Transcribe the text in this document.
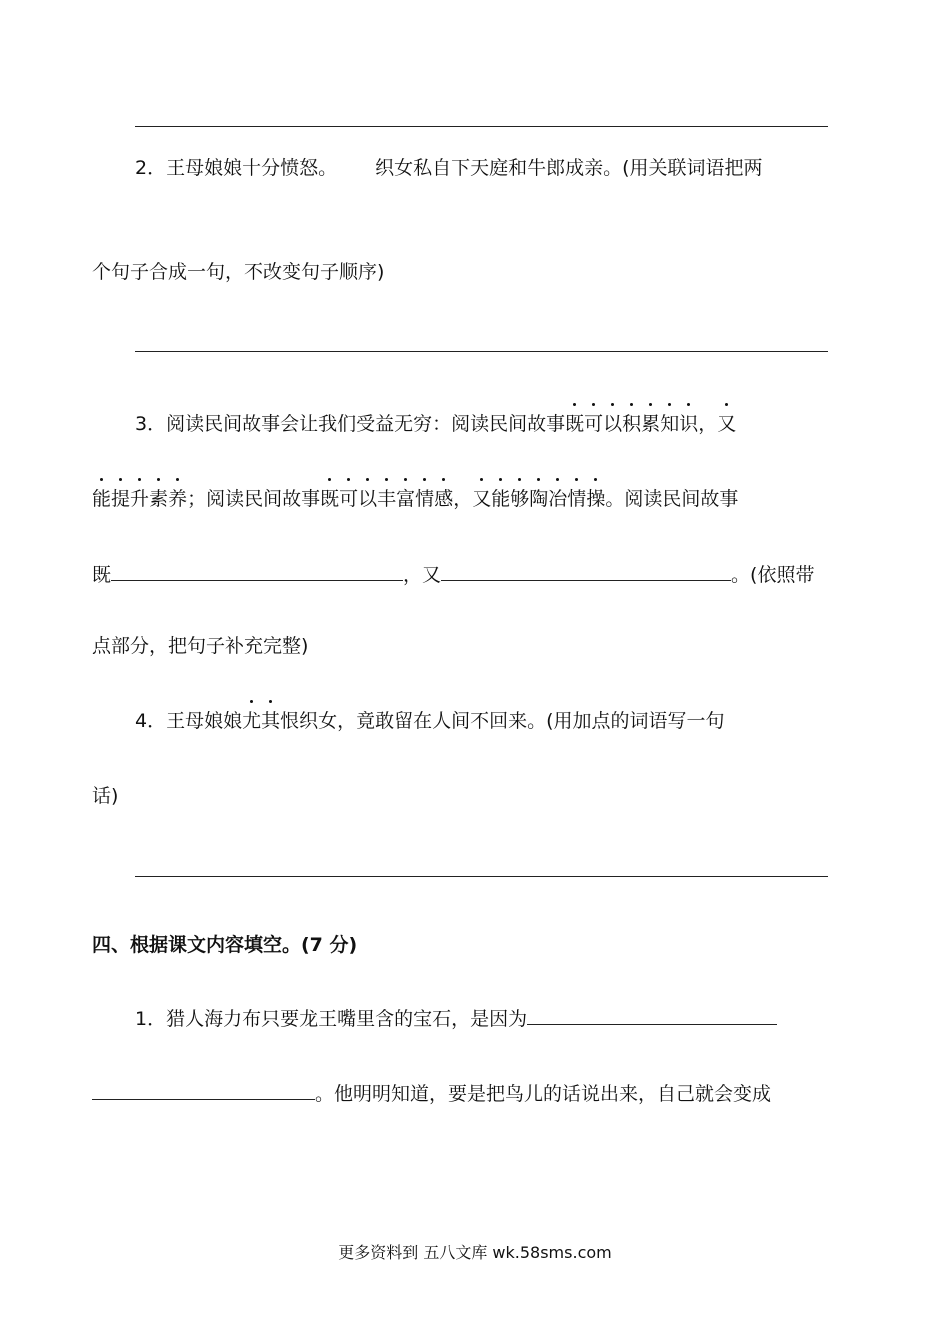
2．王母娘娘十分愤怒。 织女私自下天庭和牛郎成亲。(用关联词语把两
个句子合成一句，不改变句子顺序)
3．阅读民间故事会让我们受益无穷：阅读民间故事既可以积累知识，又
能提升素养；阅读民间故事既可以丰富情感，又能够陶冶情操。阅读民间故事
既	，又	。(依照带
点部分，把句子补充完整)
4．王母娘娘尤其恨织女，竟敢留在人间不回来。(用加点的词语写一句
话)
四、根据课文内容填空。(7 分)
1．猎人海力布只要龙王嘴里含的宝石，是因为
。他明明知道，要是把鸟儿的话说出来，自己就会变成
更多资料到 五八文库 wk.58sms.com
